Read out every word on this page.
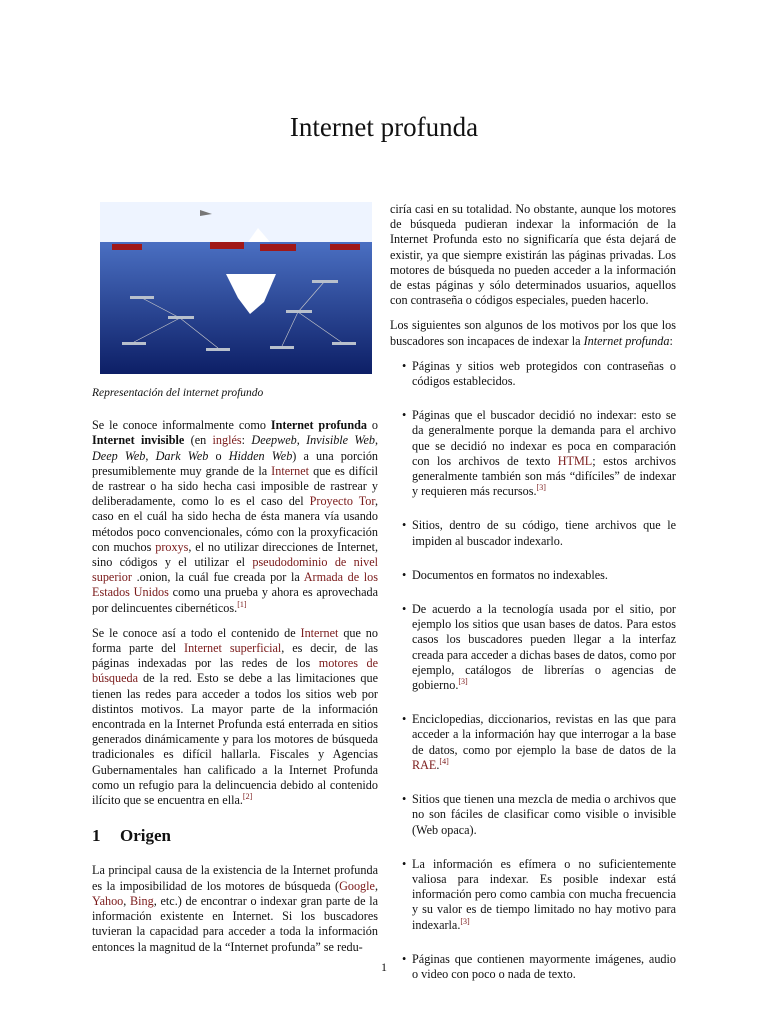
Internet profunda

Representación del internet profundo

Se le conoce informalmente como Internet profunda o Internet invisible (en inglés: Deepweb, Invisible Web, Deep Web, Dark Web o Hidden Web) a una porción presumiblemente muy grande de la Internet que es difícil de rastrear o ha sido hecha casi imposible de rastrear y deliberadamente, como lo es el caso del Proyecto Tor, caso en el cuál ha sido hecha de ésta manera vía usando métodos poco convencionales, cómo con la proxyficación con muchos proxys, el no utilizar direcciones de Internet, sino códigos y el utilizar el pseudodominio de nivel superior .onion, la cuál fue creada por la Armada de los Estados Unidos como una prueba y ahora es aprovechada por delincuentes cibernéticos.[1]

Se le conoce así a todo el contenido de Internet que no forma parte del Internet superficial, es decir, de las páginas indexadas por las redes de los motores de búsqueda de la red. Esto se debe a las limitaciones que tienen las redes para acceder a todos los sitios web por distintos motivos. La mayor parte de la información encontrada en la Internet Profunda está enterrada en sitios generados dinámicamente y para los motores de búsqueda tradicionales es difícil hallarla. Fiscales y Agencias Gubernamentales han calificado a la Internet Profunda como un refugio para la delincuencia debido al contenido ilícito que se encuentra en ella.[2]

1 Origen

La principal causa de la existencia de la Internet profunda es la imposibilidad de los motores de búsqueda (Google, Yahoo, Bing, etc.) de encontrar o indexar gran parte de la información existente en Internet. Si los buscadores tuvieran la capacidad para acceder a toda la información entonces la magnitud de la “Internet profunda” se redu-

ciría casi en su totalidad. No obstante, aunque los motores de búsqueda pudieran indexar la información de la Internet Profunda esto no significaría que ésta dejará de existir, ya que siempre existirán las páginas privadas. Los motores de búsqueda no pueden acceder a la información de estas páginas y sólo determinados usuarios, aquellos con contraseña o códigos especiales, pueden hacerlo.

Los siguientes son algunos de los motivos por los que los buscadores son incapaces de indexar la Internet profunda:

• Páginas y sitios web protegidos con contraseñas o códigos establecidos.
• Páginas que el buscador decidió no indexar: esto se da generalmente porque la demanda para el archivo que se decidió no indexar es poca en comparación con los archivos de texto HTML; estos archivos generalmente también son más “difíciles” de indexar y requieren más recursos.[3]
• Sitios, dentro de su código, tiene archivos que le impiden al buscador indexarlo.
• Documentos en formatos no indexables.
• De acuerdo a la tecnología usada por el sitio, por ejemplo los sitios que usan bases de datos. Para estos casos los buscadores pueden llegar a la interfaz creada para acceder a dichas bases de datos, como por ejemplo, catálogos de librerías o agencias de gobierno.[3]
• Enciclopedias, diccionarios, revistas en las que para acceder a la información hay que interrogar a la base de datos, como por ejemplo la base de datos de la RAE.[4]
• Sitios que tienen una mezcla de media o archivos que no son fáciles de clasificar como visible o invisible (Web opaca).
• La información es efímera o no suficientemente valiosa para indexar. Es posible indexar está información pero como cambia con mucha frecuencia y su valor es de tiempo limitado no hay motivo para indexarla.[3]
• Páginas que contienen mayormente imágenes, audio o video con poco o nada de texto.
1
